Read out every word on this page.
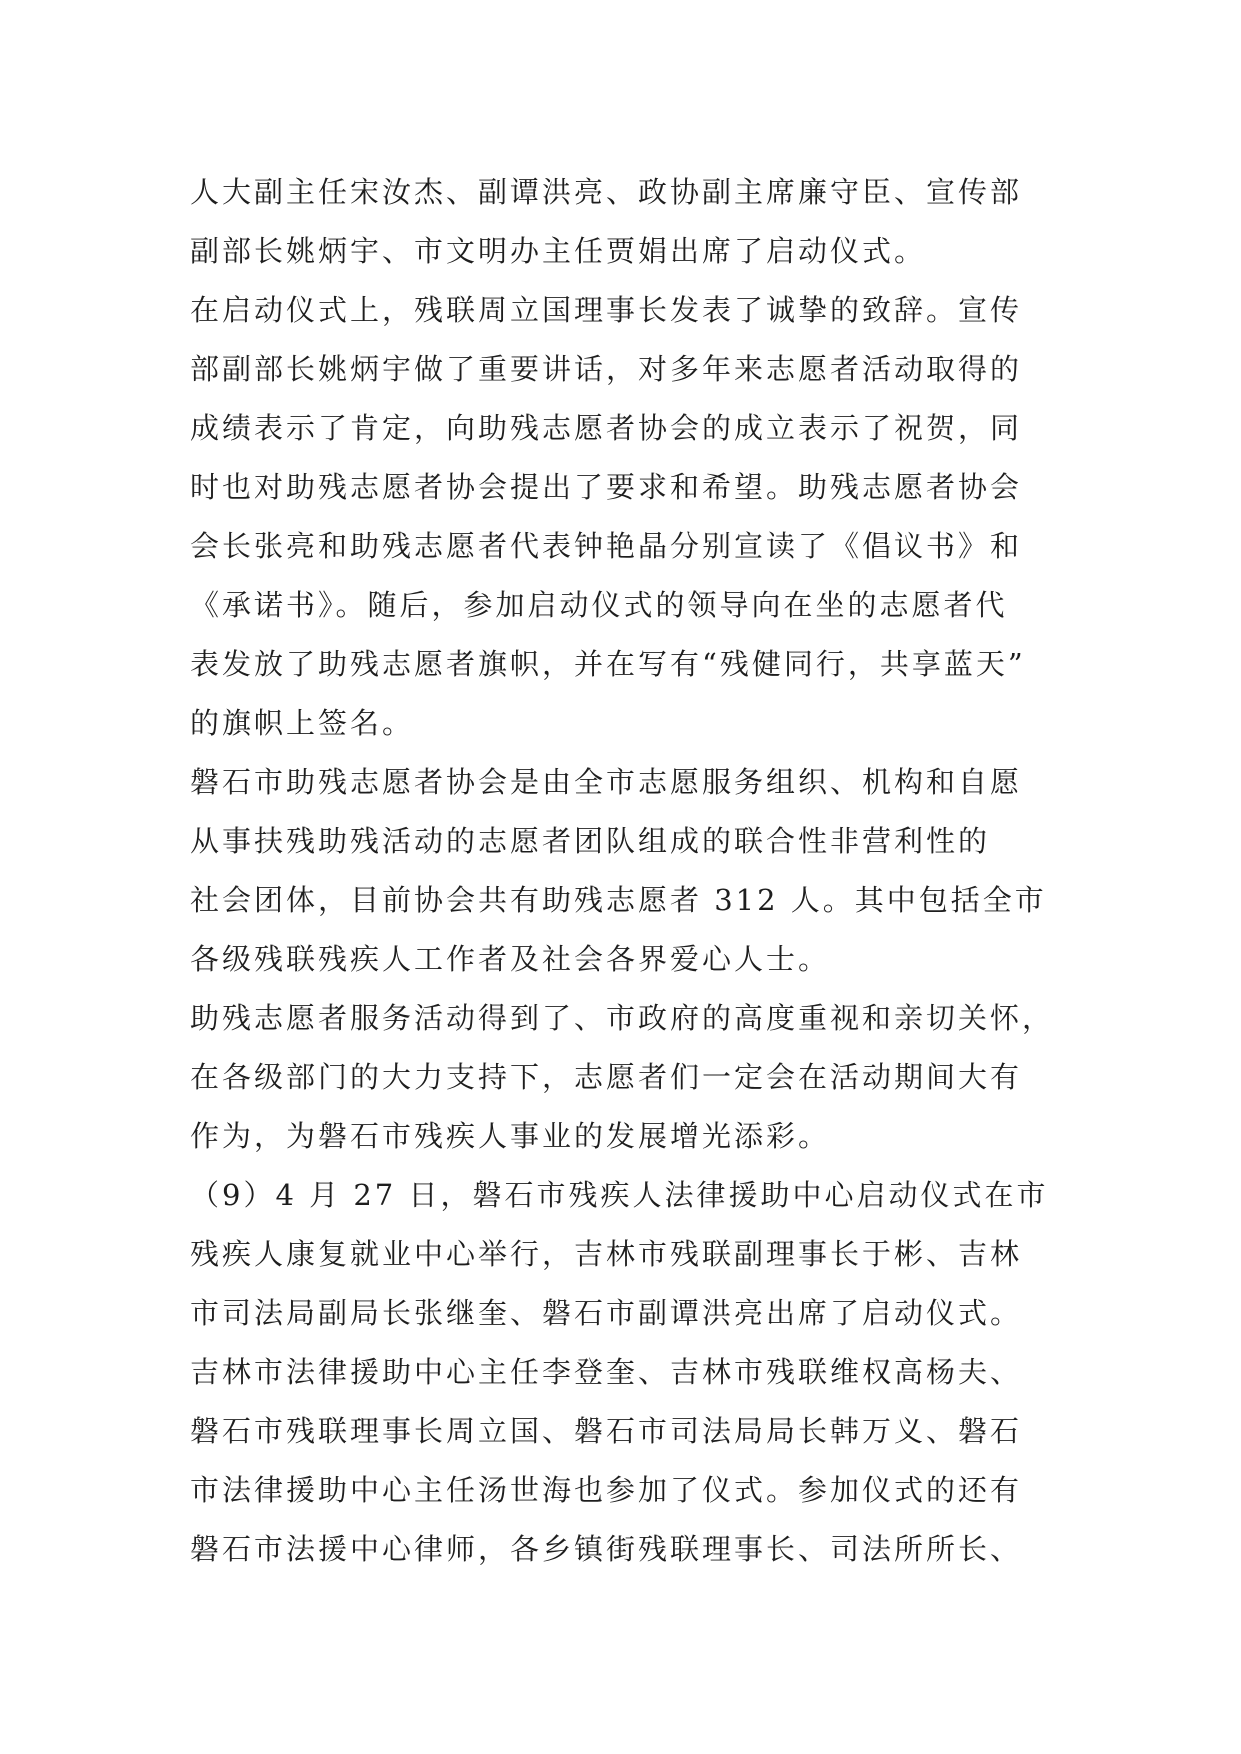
人大副主任宋汝杰、副谭洪亮、政协副主席廉守臣、宣传部
副部长姚炳宇、市文明办主任贾娟出席了启动仪式。
在启动仪式上，残联周立国理事长发表了诚挚的致辞。宣传
部副部长姚炳宇做了重要讲话，对多年来志愿者活动取得的
成绩表示了肯定，向助残志愿者协会的成立表示了祝贺，同
时也对助残志愿者协会提出了要求和希望。助残志愿者协会
会长张亮和助残志愿者代表钟艳晶分别宣读了《倡议书》和
《承诺书》。随后，参加启动仪式的领导向在坐的志愿者代
表发放了助残志愿者旗帜，并在写有“残健同行，共享蓝天”
的旗帜上签名。
磐石市助残志愿者协会是由全市志愿服务组织、机构和自愿
从事扶残助残活动的志愿者团队组成的联合性非营利性的
社会团体，目前协会共有助残志愿者 312 人。其中包括全市
各级残联残疾人工作者及社会各界爱心人士。
助残志愿者服务活动得到了、市政府的高度重视和亲切关怀，
在各级部门的大力支持下，志愿者们一定会在活动期间大有
作为，为磐石市残疾人事业的发展增光添彩。
（9）4 月 27 日，磐石市残疾人法律援助中心启动仪式在市
残疾人康复就业中心举行，吉林市残联副理事长于彬、吉林
市司法局副局长张继奎、磐石市副谭洪亮出席了启动仪式。
吉林市法律援助中心主任李登奎、吉林市残联维权高杨夫、
磐石市残联理事长周立国、磐石市司法局局长韩万义、磐石
市法律援助中心主任汤世海也参加了仪式。参加仪式的还有
磐石市法援中心律师，各乡镇街残联理事长、司法所所长、
